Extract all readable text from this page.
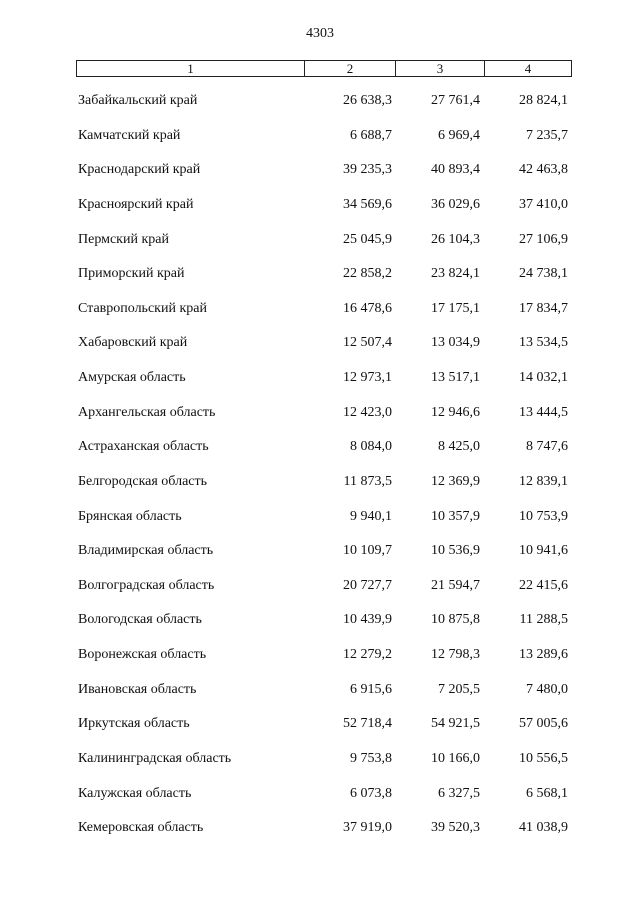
4303
1	2	3	4
Забайкальский край	26 638,3	27 761,4	28 824,1
Камчатский край	6 688,7	6 969,4	7 235,7
Краснодарский край	39 235,3	40 893,4	42 463,8
Красноярский край	34 569,6	36 029,6	37 410,0
Пермский край	25 045,9	26 104,3	27 106,9
Приморский край	22 858,2	23 824,1	24 738,1
Ставропольский край	16 478,6	17 175,1	17 834,7
Хабаровский край	12 507,4	13 034,9	13 534,5
Амурская область	12 973,1	13 517,1	14 032,1
Архангельская область	12 423,0	12 946,6	13 444,5
Астраханская область	8 084,0	8 425,0	8 747,6
Белгородская область	11 873,5	12 369,9	12 839,1
Брянская область	9 940,1	10 357,9	10 753,9
Владимирская область	10 109,7	10 536,9	10 941,6
Волгоградская область	20 727,7	21 594,7	22 415,6
Вологодская область	10 439,9	10 875,8	11 288,5
Воронежская область	12 279,2	12 798,3	13 289,6
Ивановская область	6 915,6	7 205,5	7 480,0
Иркутская область	52 718,4	54 921,5	57 005,6
Калининградская область	9 753,8	10 166,0	10 556,5
Калужская область	6 073,8	6 327,5	6 568,1
Кемеровская область	37 919,0	39 520,3	41 038,9
